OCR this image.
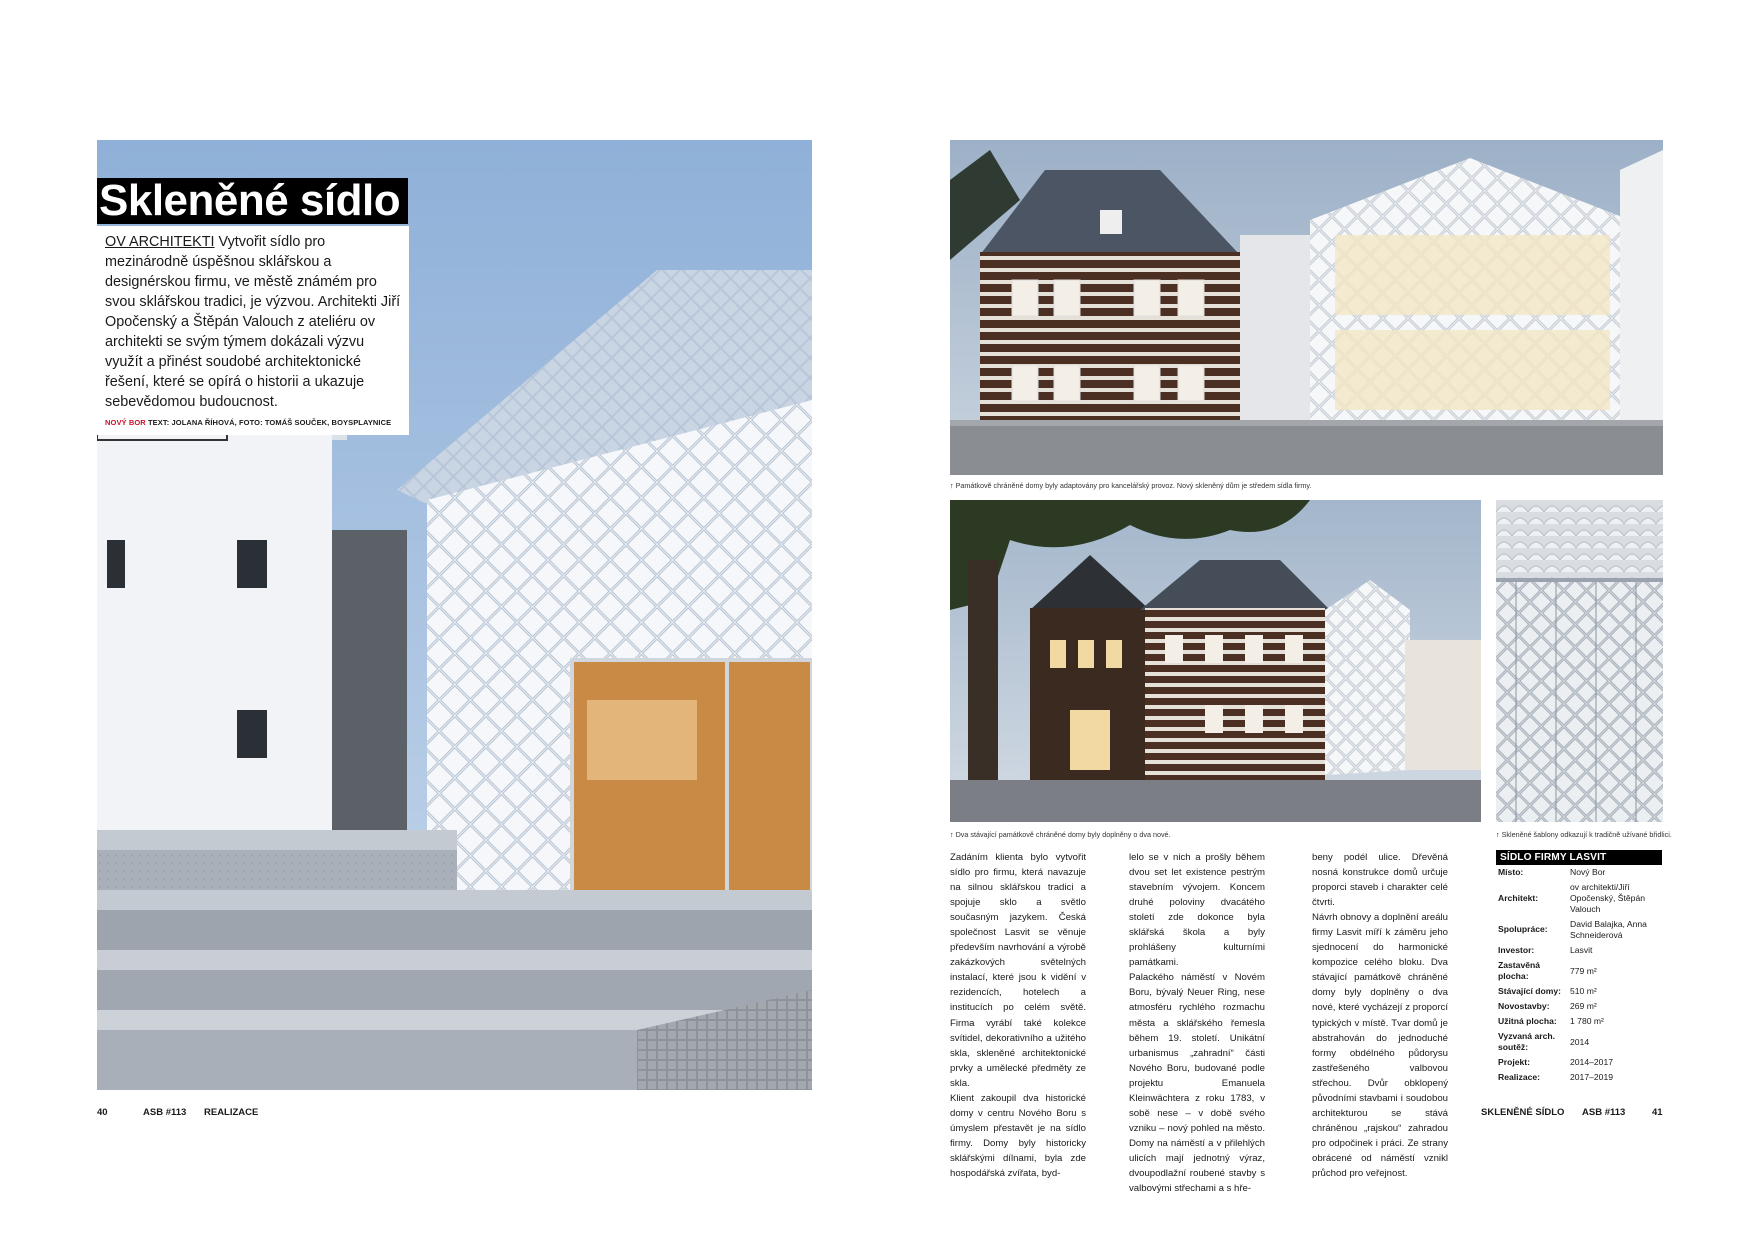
Skleněné sídlo
OV ARCHITEKTI Vytvořit sídlo pro mezinárodně úspěšnou sklářskou a designérskou firmu, ve městě známém pro svou sklářskou tradici, je výzvou. Architekti Jiří Opočenský a Štěpán Valouch z ateliéru ov architekti se svým týmem dokázali výzvu využít a přinést soudobé architektonické řešení, které se opírá o historii a ukazuje sebevědomou budoucnost.
NOVÝ BOR TEXT: JOLANA ŘÍHOVÁ, FOTO: TOMÁŠ SOUČEK, BOYSPLAYNICE
40	ASB #113 REALIZACE
↑ Památkově chráněné domy byly adaptovány pro kancelářský provoz. Nový skleněný dům je středem sídla firmy.
↑ Dva stávající památkově chráněné domy byly doplněny o dva nové.	↑ Skleněné šablony odkazují k tradičně užívané břidlici.

Zadáním klienta bylo vytvořit sídlo pro firmu, která navazuje na silnou sklářskou tradici a spojuje sklo a světlo současným jazykem. Česká společnost Lasvit se věnuje především navrhování a výrobě zakázkových světelných instalací, které jsou k vidění v rezidencích, hotelech a institucích po celém světě. Firma vyrábí také kolekce svítidel, dekorativního a užitého skla, skleněné architektonické prvky a umělecké předměty ze skla.

Klient zakoupil dva historické domy v centru Nového Boru s úmyslem přestavět je na sídlo firmy. Domy byly historicky sklářskými dílnami, byla zde hospodářská zvířata, byd-

lelo se v nich a prošly během dvou set let existence pestrým stavebním vývojem. Koncem druhé poloviny dvacátého století zde dokonce byla sklářská škola a byly prohlášeny kulturními památkami.

Palackého náměstí v Novém Boru, bývalý Neuer Ring, nese atmosféru rychlého rozmachu města a sklářského řemesla během 19. století. Unikátní urbanismus „zahradní“ části Nového Boru, budované podle projektu Emanuela Kleinwächtera z roku 1783, v sobě nese – v době svého vzniku – nový pohled na město. Domy na náměstí a v přilehlých ulicích mají jednotný výraz, dvoupodlažní roubené stavby s valbovými střechami a s hře-

beny podél ulice. Dřevěná nosná konstrukce domů určuje proporci staveb i charakter celé čtvrti.

Návrh obnovy a doplnění areálu firmy Lasvit míří k záměru jeho sjednocení do harmonické kompozice celého bloku. Dva stávající památkově chráněné domy byly doplněny o dva nové, které vycházejí z proporcí typických v místě. Tvar domů je abstrahován do jednoduché formy obdélného půdorysu zastřešeného valbovou střechou. Dvůr obklopený původními stavbami i soudobou architekturou se stává chráněnou „rajskou“ zahradou pro odpočinek i práci. Ze strany obrácené od náměstí vznikl průchod pro veřejnost.

SÍDLO FIRMY LASVIT
Místo:	Nový Bor
Architekt:
ov architekti/Jiří Opočenský, Štěpán Valouch
Spolupráce:	David Balajka, Anna Schneiderová
Investor:	Lasvit
Zastavěná plocha:	779 m²
Stávající domy:	510 m²
Novostavby:	269 m²
Užitná plocha:	1 780 m²
Vyzvaná arch. soutěž:	2014
Projekt:	2014–2017
Realizace:	2017–2019
SKLENĚNÉ SÍDLO ASB #113	41
